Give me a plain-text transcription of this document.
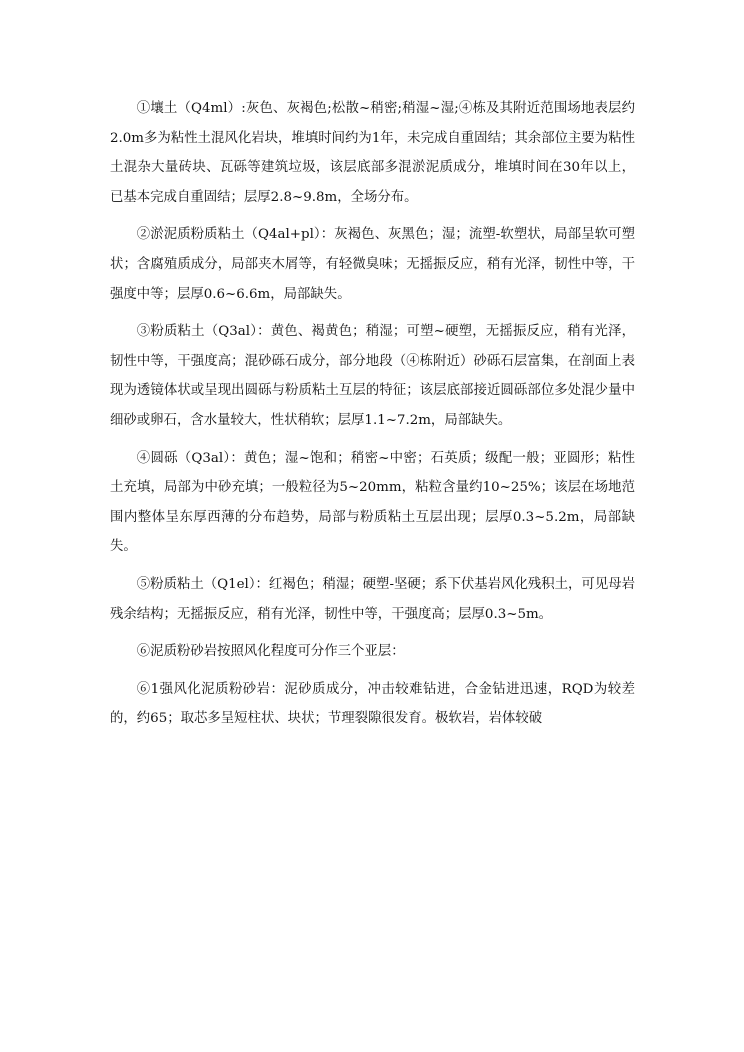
①壤土（Q4ml）:灰色、灰褐色;松散~稍密;稍湿~湿;④栋及其附近范围场地表层约2.0m多为粘性土混风化岩块，堆填时间约为1年，未完成自重固结；其余部位主要为粘性土混杂大量砖块、瓦砾等建筑垃圾，该层底部多混淤泥质成分，堆填时间在30年以上，已基本完成自重固结；层厚2.8~9.8m，全场分布。

②淤泥质粉质粘土（Q4al+pl）：灰褐色、灰黑色；湿；流塑-软塑状，局部呈软可塑状；含腐殖质成分，局部夹木屑等，有轻微臭味；无摇振反应，稍有光泽，韧性中等，干强度中等；层厚0.6~6.6m，局部缺失。

③粉质粘土（Q3al）：黄色、褐黄色；稍湿；可塑~硬塑，无摇振反应，稍有光泽，韧性中等，干强度高；混砂砾石成分，部分地段（④栋附近）砂砾石层富集，在剖面上表现为透镜体状或呈现出圆砾与粉质粘土互层的特征；该层底部接近圆砾部位多处混少量中细砂或卵石，含水量较大，性状稍软；层厚1.1~7.2m，局部缺失。

④圆砾（Q3al）：黄色；湿~饱和；稍密~中密；石英质；级配一般；亚圆形；粘性土充填，局部为中砂充填；一般粒径为5~20mm，粘粒含量约10~25%；该层在场地范围内整体呈东厚西薄的分布趋势，局部与粉质粘土互层出现；层厚0.3~5.2m，局部缺失。

⑤粉质粘土（Q1el）：红褐色；稍湿；硬塑-坚硬；系下伏基岩风化残积土，可见母岩残余结构；无摇振反应，稍有光泽，韧性中等，干强度高；层厚0.3~5m。

⑥泥质粉砂岩按照风化程度可分作三个亚层：

⑥1强风化泥质粉砂岩：泥砂质成分，冲击较难钻进，合金钻进迅速，RQD为较差的，约65；取芯多呈短柱状、块状；节理裂隙很发育。极软岩，岩体较破
